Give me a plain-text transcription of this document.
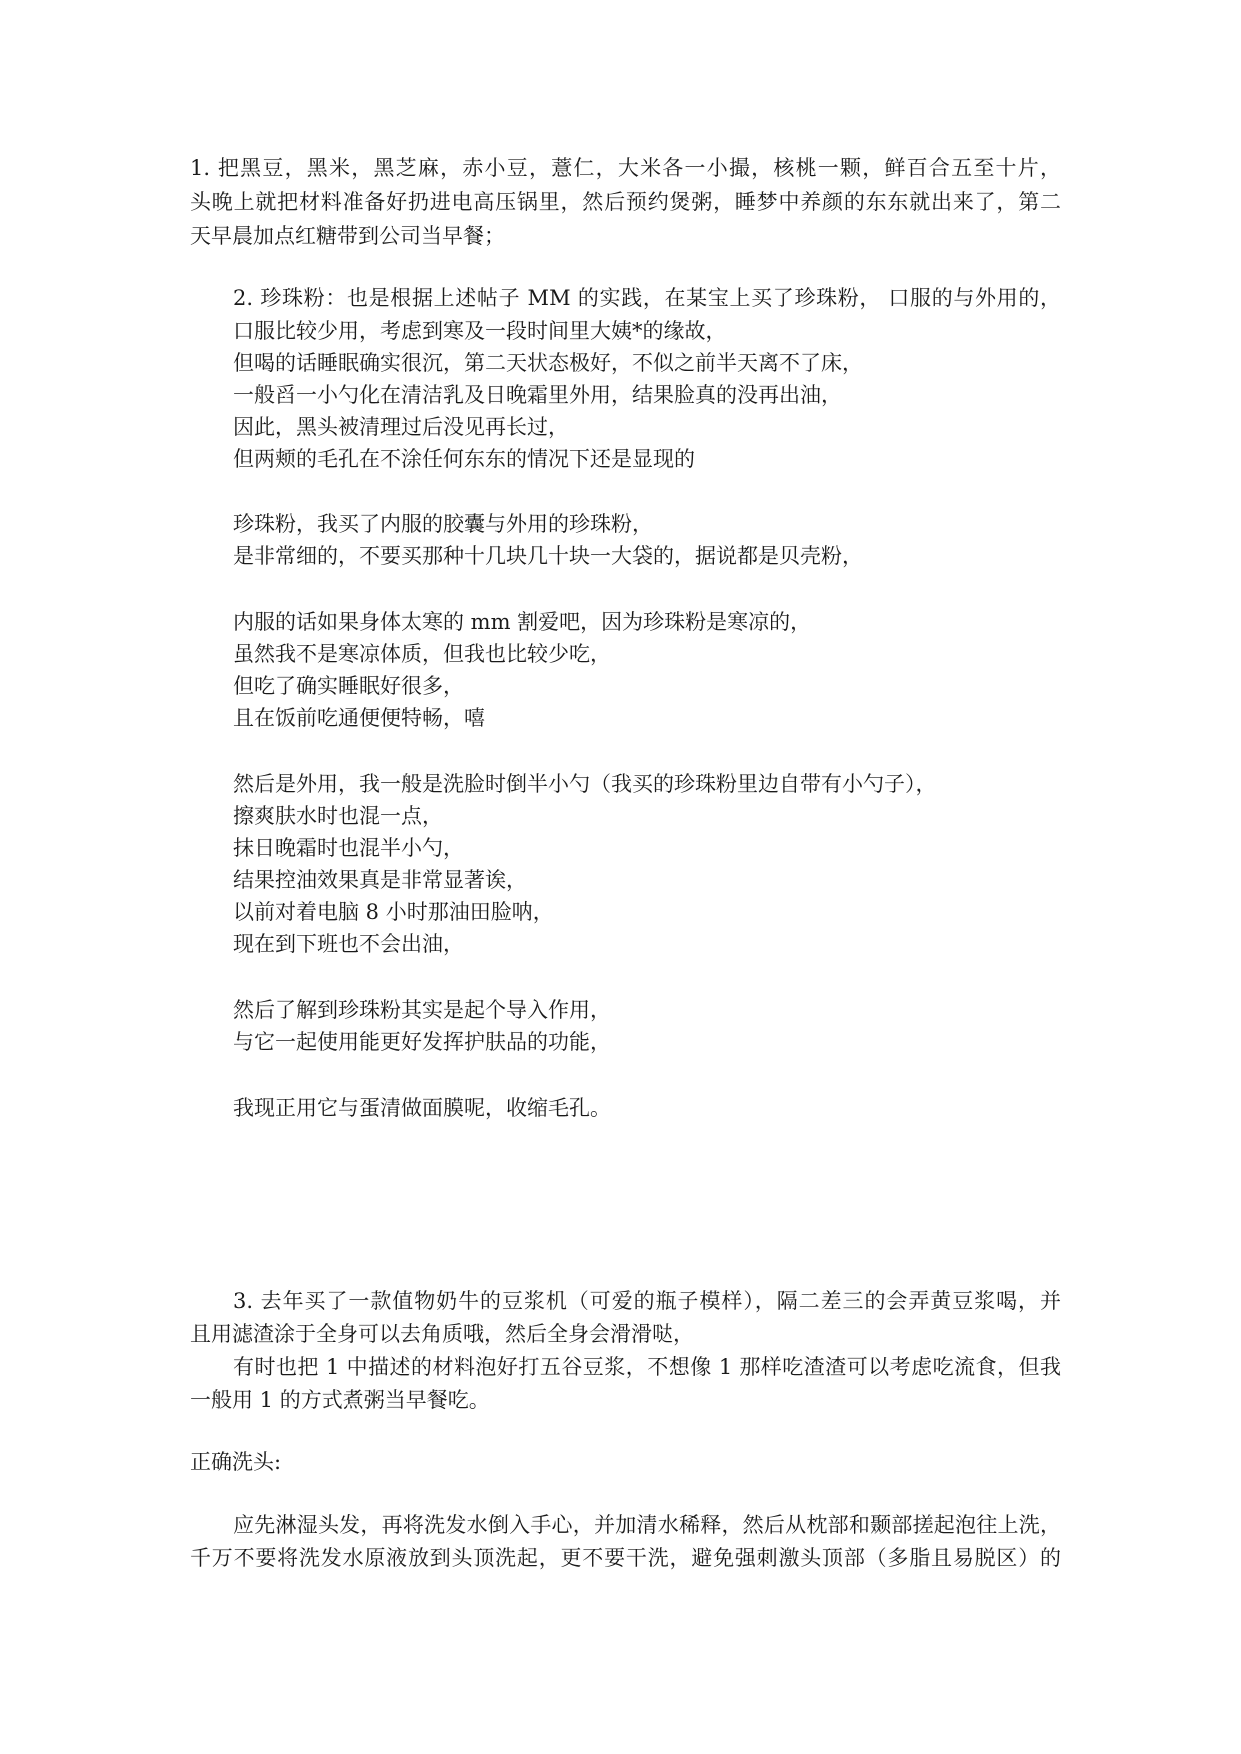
1. 把黑豆，黑米，黑芝麻，赤小豆，薏仁，大米各一小撮，核桃一颗，鲜百合五至十片，
头晚上就把材料准备好扔进电高压锅里，然后预约煲粥，睡梦中养颜的东东就出来了，第二
天早晨加点红糖带到公司当早餐；
2. 珍珠粉：也是根据上述帖子 MM 的实践，在某宝上买了珍珠粉， 口服的与外用的，
口服比较少用，考虑到寒及一段时间里大姨*的缘故，
但喝的话睡眠确实很沉，第二天状态极好，不似之前半天离不了床，
一般舀一小勺化在清洁乳及日晚霜里外用，结果脸真的没再出油，
因此，黑头被清理过后没见再长过，
但两颊的毛孔在不涂任何东东的情况下还是显现的
珍珠粉，我买了内服的胶囊与外用的珍珠粉，
是非常细的，不要买那种十几块几十块一大袋的，据说都是贝壳粉，
内服的话如果身体太寒的 mm 割爱吧，因为珍珠粉是寒凉的，
虽然我不是寒凉体质，但我也比较少吃，
但吃了确实睡眠好很多，
且在饭前吃通便便特畅，嘻
然后是外用，我一般是洗脸时倒半小勺（我买的珍珠粉里边自带有小勺子），
擦爽肤水时也混一点，
抹日晚霜时也混半小勺，
结果控油效果真是非常显著诶，
以前对着电脑 8 小时那油田脸呐，
现在到下班也不会出油，
然后了解到珍珠粉其实是起个导入作用，
与它一起使用能更好发挥护肤品的功能，
我现正用它与蛋清做面膜呢，收缩毛孔。
3. 去年买了一款值物奶牛的豆浆机（可爱的瓶子模样），隔二差三的会弄黄豆浆喝，并
且用滤渣涂于全身可以去角质哦，然后全身会滑滑哒，
有时也把 1 中描述的材料泡好打五谷豆浆，不想像 1 那样吃渣渣可以考虑吃流食，但我
一般用 1 的方式煮粥当早餐吃。
正确洗头:
应先淋湿头发，再将洗发水倒入手心，并加清水稀释，然后从枕部和颞部搓起泡往上洗，
千万不要将洗发水原液放到头顶洗起，更不要干洗，避免强刺激头顶部（多脂且易脱区）的
